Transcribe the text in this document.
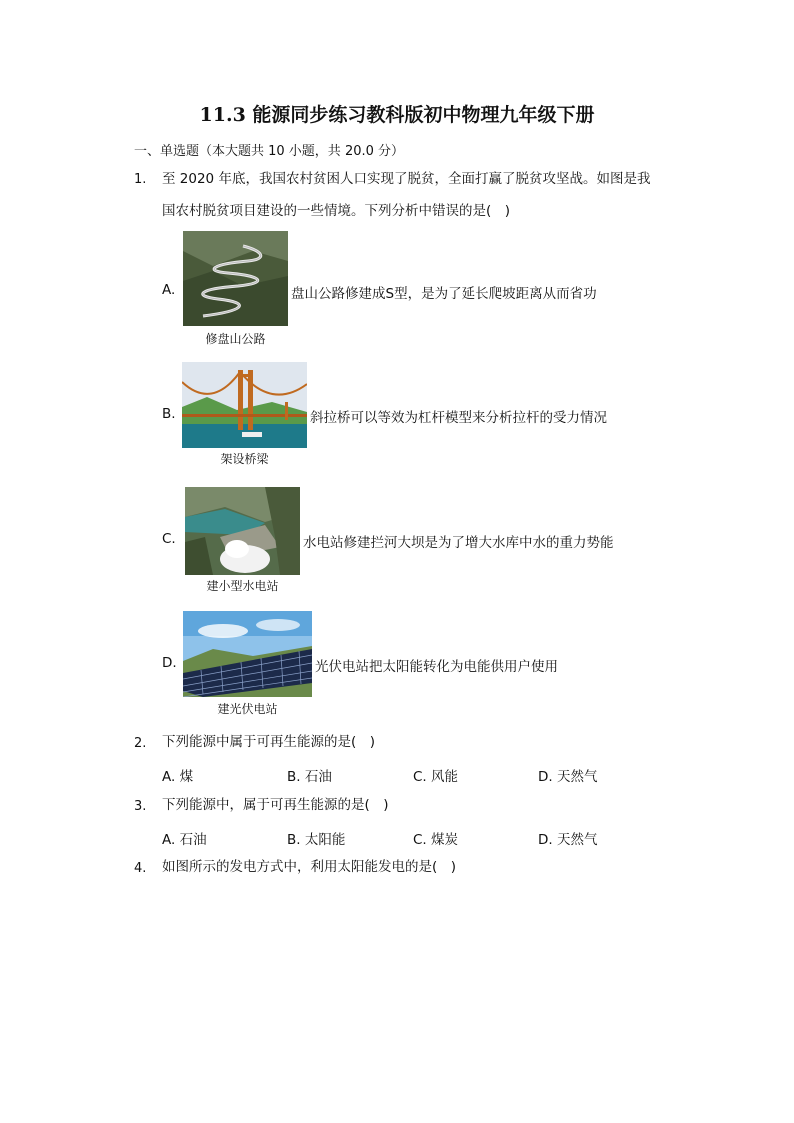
11.3 能源同步练习教科版初中物理九年级下册
一、单选题（本大题共 10 小题，共 20.0 分）
1. 至 2020 年底，我国农村贫困人口实现了脱贫，全面打赢了脱贫攻坚战。如图是我
国农村脱贫项目建设的一些情境。下列分析中错误的是(　)
A.	盘山公路修建成S型，是为了延长爬坡距离从而省功
修盘山公路
B.	斜拉桥可以等效为杠杆模型来分析拉杆的受力情况
架设桥梁
C.	水电站修建拦河大坝是为了增大水库中水的重力势能
建小型水电站
D.	光伏电站把太阳能转化为电能供用户使用
建光伏电站
2. 下列能源中属于可再生能源的是(　)
A. 煤	B. 石油	C. 风能	D. 天然气
3. 下列能源中，属于可再生能源的是(　)
A. 石油	B. 太阳能	C. 煤炭	D. 天然气
4. 如图所示的发电方式中，利用太阳能发电的是(　)
